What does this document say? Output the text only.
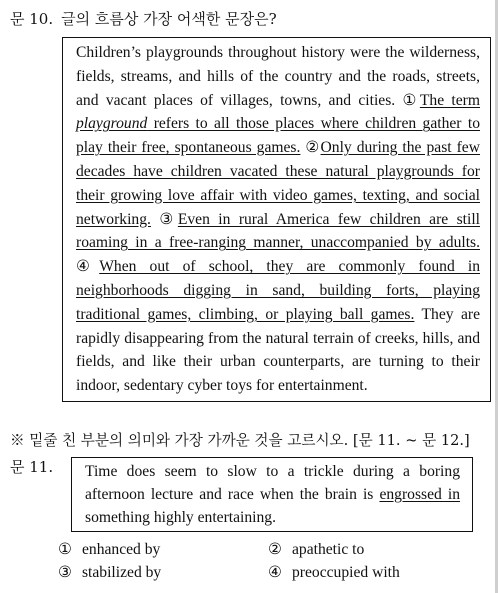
문 10. 글의 흐름상 가장 어색한 문장은?
Children’s playgrounds throughout history were the wilderness, fields, streams, and hills of the country and the roads, streets, and vacant places of villages, towns, and cities. ①The term playground refers to all those places where children gather to play their free, spontaneous games. ②Only during the past few decades have children vacated these natural playgrounds for their growing love affair with video games, texting, and social networking. ③Even in rural America few children are still roaming in a free-ranging manner, unaccompanied by adults. ④When out of school, they are commonly found in neighborhoods digging in sand, building forts, playing traditional games, climbing, or playing ball games. They are rapidly disappearing from the natural terrain of creeks, hills, and fields, and like their urban counterparts, are turning to their indoor, sedentary cyber toys for entertainment.
※ 밑줄 친 부분의 의미와 가장 가까운 것을 고르시오. [문 11. ~ 문 12.]
문 11.	Time does seem to slow to a trickle during a boring afternoon lecture and race when the brain is engrossed in something highly entertaining.
① enhanced by	② apathetic to
③ stabilized by	④ preoccupied with
